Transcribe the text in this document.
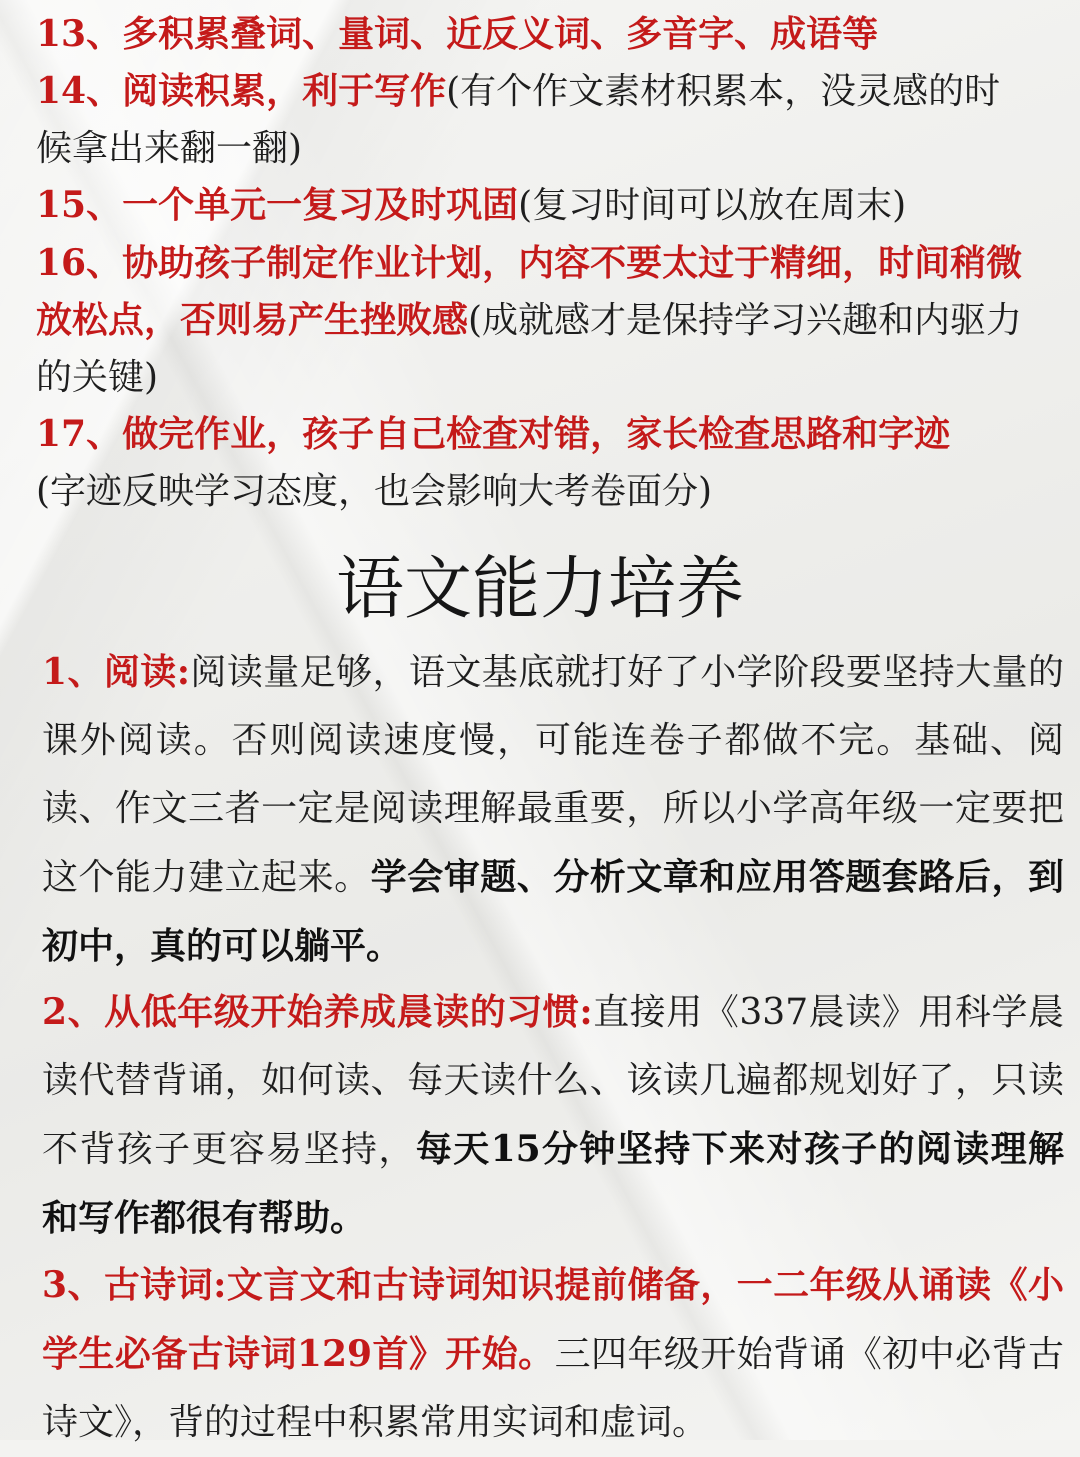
13、多积累叠词、量词、近反义词、多音字、成语等

14、阅读积累，利于写作(有个作文素材积累本，没灵感的时候拿出来翻一翻)

15、一个单元一复习及时巩固(复习时间可以放在周末)

16、协助孩子制定作业计划，内容不要太过于精细，时间稍微放松点，否则易产生挫败感(成就感才是保持学习兴趣和内驱力的关键)

17、做完作业，孩子自己检查对错，家长检查思路和字迹
(字迹反映学习态度，也会影响大考卷面分)

语文能力培养

1、阅读:阅读量足够，语文基底就打好了小学阶段要坚持大量的课外阅读。否则阅读速度慢，可能连卷子都做不完。基础、阅读、作文三者一定是阅读理解最重要，所以小学高年级一定要把这个能力建立起来。学会审题、分析文章和应用答题套路后，到初中，真的可以躺平。

2、从低年级开始养成晨读的习惯:直接用《337晨读》用科学晨读代替背诵，如何读、每天读什么、该读几遍都规划好了，只读不背孩子更容易坚持，每天15分钟坚持下来对孩子的阅读理解和写作都很有帮助。

3、古诗词:文言文和古诗词知识提前储备，一二年级从诵读《小学生必备古诗词129首》开始。三四年级开始背诵《初中必背古诗文》，背的过程中积累常用实词和虚词。
